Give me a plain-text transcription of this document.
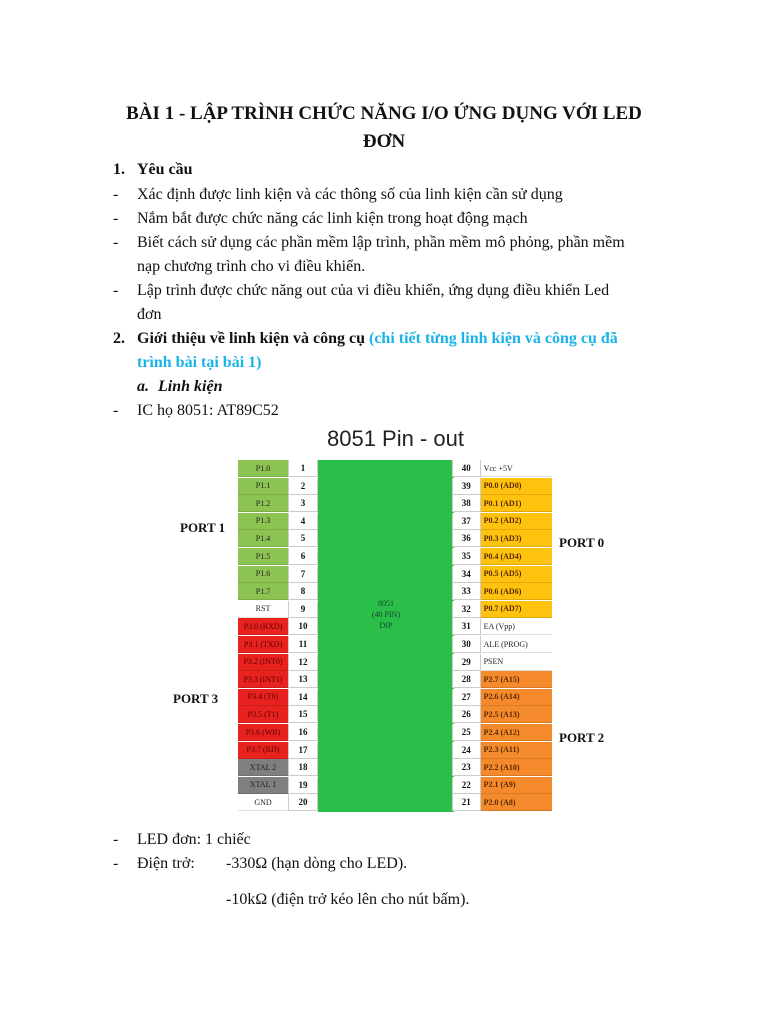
BÀI 1 - LẬP TRÌNH CHỨC NĂNG I/O ỨNG DỤNG VỚI LED
ĐƠN
1. Yêu cầu
- Xác định được linh kiện và các thông số của linh kiện cần sử dụng
- Nắm bắt được chức năng các linh kiện trong hoạt động mạch
- Biết cách sử dụng các phần mềm lập trình, phần mềm mô phỏng, phần mềm
nạp chương trình cho vi điều khiển.
- Lập trình được chức năng out của vi điều khiển, ứng dụng điều khiển Led
đơn
2. Giới thiệu về linh kiện và công cụ (chi tiết từng linh kiện và công cụ đã
trình bài tại bài 1)
a. Linh kiện
- IC họ 8051: AT89C52
8051 Pin - out
8051
(40 PIN)
DIP
P1.0	1
P1.1	2
P1.2	3
P1.3	4
P1.4	5
P1.5	6
P1.6	7
P1.7	8
RST	9
P3.0 (RXD)	10
P3.1 (TXD)	11
P3.2 (INT0)	12
P3.3 (INT1)	13
P3.4 (T0)	14
P3.5 (T1)	15
P3.6 (WR)	16
P3.7 (RD)	17
XTAL 2	18
XTAL 1	19
GND	20
40	Vcc +5V
39	P0.0 (AD0)
38	P0.1 (AD1)
37	P0.2 (AD2)
36	P0.3 (AD3)
35	P0.4 (AD4)
34	P0.5 (AD5)
33	P0.6 (AD6)
32	P0.7 (AD7)
31	EA (Vpp)
30	ALE (PROG)
29	PSEN
28	P2.7 (A15)
27	P2.6 (A14)
26	P2.5 (A13)
25	P2.4 (A12)
24	P2.3 (A11)
23	P2.2 (A10)
22	P2.1 (A9)
21	P2.0 (A8)
PORT 1
PORT 3
PORT 0
PORT 2
- LED đơn: 1 chiếc
- Điện trở: -330Ω (hạn dòng cho LED).
-10kΩ (điện trở kéo lên cho nút bấm).
